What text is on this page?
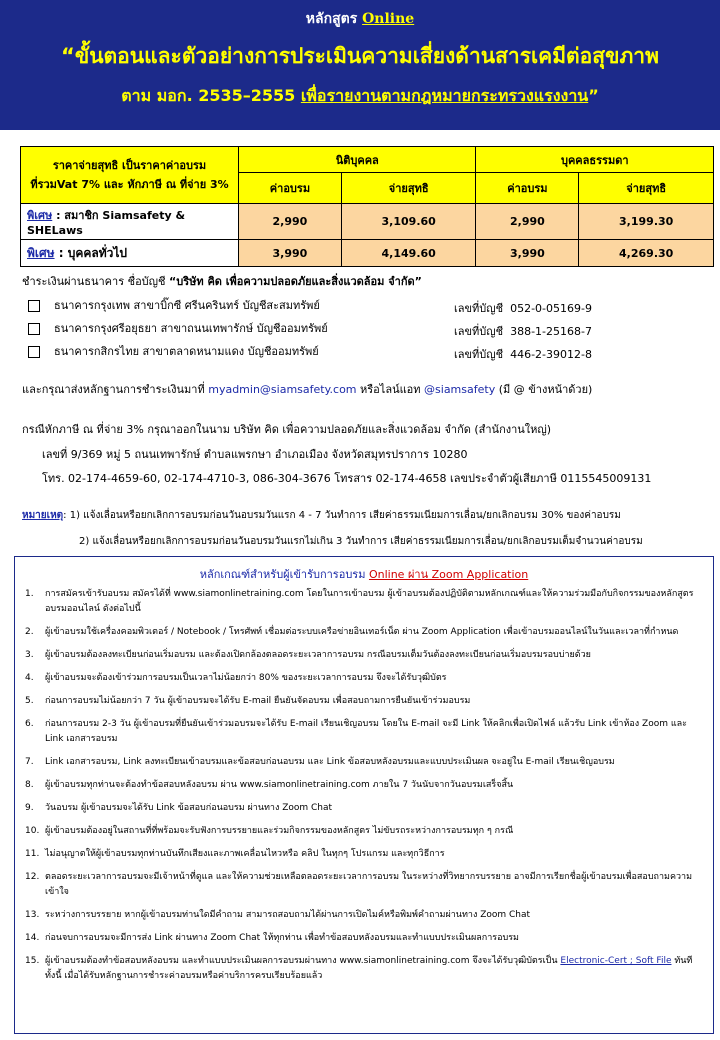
หลักสูตร Online
“ขั้นตอนและตัวอย่างการประเมินความเสี่ยงด้านสารเคมีต่อสุขภาพ
ตาม มอก. 2535–2555 เพื่อรายงานตามกฎหมายกระทรวงแรงงาน”
ราคาจ่ายสุทธิ เป็นราคาค่าอบรม
ที่รวมVat 7% และ หักภาษี ณ ที่จ่าย 3%	นิติบุคคล		บุคคลธรรมดา	
	ค่าอบรม	จ่ายสุทธิ	ค่าอบรม	จ่ายสุทธิ
พิเศษ : สมาชิก Siamsafety & SHELaws	2,990	3,109.60	2,990	3,199.30
พิเศษ : บุคคลทั่วไป	3,990	4,149.60	3,990	4,269.30
ชำระเงินผ่านธนาคาร ชื่อบัญชี “บริษัท คิด เพื่อความปลอดภัยและสิ่งแวดล้อม จำกัด”
ธนาคารกรุงเทพ สาขาบิ๊กซี ศรีนครินทร์ บัญชีสะสมทรัพย์	เลขที่บัญชี 052-0-05169-9
ธนาคารกรุงศรีอยุธยา สาขาถนนเทพารักษ์ บัญชีออมทรัพย์	เลขที่บัญชี 388-1-25168-7
ธนาคารกสิกรไทย สาขาตลาดหนามแดง บัญชีออมทรัพย์	เลขที่บัญชี 446-2-39012-8
และกรุณาส่งหลักฐานการชำระเงินมาที่ myadmin@siamsafety.com หรือไลน์แอท @siamsafety (มี @ ข้างหน้าด้วย)
กรณีหักภาษี ณ ที่จ่าย 3% กรุณาออกในนาม บริษัท คิด เพื่อความปลอดภัยและสิ่งแวดล้อม จำกัด (สำนักงานใหญ่)
เลขที่ 9/369 หมู่ 5 ถนนเทพารักษ์ ตำบลแพรกษา อำเภอเมือง จังหวัดสมุทรปราการ 10280
โทร. 02-174-4659-60, 02-174-4710-3, 086-304-3676 โทรสาร 02-174-4658 เลขประจำตัวผู้เสียภาษี 0115545009131
หมายเหตุ: 1) แจ้งเลื่อนหรือยกเลิกการอบรมก่อนวันอบรมวันแรก 4 - 7 วันทำการ เสียค่าธรรมเนียมการเลื่อน/ยกเลิกอบรม 30% ของค่าอบรม
2) แจ้งเลื่อนหรือยกเลิกการอบรมก่อนวันอบรมวันแรกไม่เกิน 3 วันทำการ เสียค่าธรรมเนียมการเลื่อน/ยกเลิกอบรมเต็มจำนวนค่าอบรม
หลักเกณฑ์สำหรับผู้เข้ารับการอบรม Online ผ่าน Zoom Application
1. การสมัครเข้ารับอบรม สมัครได้ที่ www.siamonlinetraining.com โดยในการเข้าอบรม ผู้เข้าอบรมต้องปฏิบัติตามหลักเกณฑ์และให้ความร่วมมือกับกิจกรรมของหลักสูตรอบรมออนไลน์ ดังต่อไปนี้
2. ผู้เข้าอบรมใช้เครื่องคอมพิวเตอร์ / Notebook / โทรศัพท์ เชื่อมต่อระบบเครือข่ายอินเทอร์เน็ต ผ่าน Zoom Application เพื่อเข้าอบรมออนไลน์ในวันและเวลาที่กำหนด
3. ผู้เข้าอบรมต้องลงทะเบียนก่อนเริ่มอบรม และต้องเปิดกล้องตลอดระยะเวลาการอบรม กรณีอบรมเต็มวันต้องลงทะเบียนก่อนเริ่มอบรมรอบบ่ายด้วย
4. ผู้เข้าอบรมจะต้องเข้าร่วมการอบรมเป็นเวลาไม่น้อยกว่า 80% ของระยะเวลาการอบรม จึงจะได้รับวุฒิบัตร
5. ก่อนการอบรมไม่น้อยกว่า 7 วัน ผู้เข้าอบรมจะได้รับ E-mail ยืนยันจัดอบรม เพื่อสอบถามการยืนยันเข้าร่วมอบรม
6. ก่อนการอบรม 2-3 วัน ผู้เข้าอบรมที่ยืนยันเข้าร่วมอบรมจะได้รับ E-mail เรียนเชิญอบรม โดยใน E-mail จะมี Link ให้คลิกเพื่อเปิดไฟล์ แล้วรับ Link เข้าห้อง Zoom และ Link เอกสารอบรม
7. Link เอกสารอบรม, Link ลงทะเบียนเข้าอบรมและข้อสอบก่อนอบรม และ Link ข้อสอบหลังอบรมและแบบประเมินผล จะอยู่ใน E-mail เรียนเชิญอบรม
8. ผู้เข้าอบรมทุกท่านจะต้องทำข้อสอบหลังอบรม ผ่าน www.siamonlinetraining.com ภายใน 7 วันนับจากวันอบรมเสร็จสิ้น
9. วันอบรม ผู้เข้าอบรมจะได้รับ Link ข้อสอบก่อนอบรม ผ่านทาง Zoom Chat
10. ผู้เข้าอบรมต้องอยู่ในสถานที่ที่พร้อมจะรับฟังการบรรยายและร่วมกิจกรรมของหลักสูตร ไม่ขับรถระหว่างการอบรมทุก ๆ กรณี
11. ไม่อนุญาตให้ผู้เข้าอบรมทุกท่านบันทึกเสียงและภาพเคลื่อนไหวหรือ คลิป ในทุกๆ โปรแกรม และทุกวิธีการ
12. ตลอดระยะเวลาการอบรมจะมีเจ้าหน้าที่ดูแล และให้ความช่วยเหลือตลอดระยะเวลาการอบรม ในระหว่างที่วิทยากรบรรยาย อาจมีการเรียกชื่อผู้เข้าอบรมเพื่อสอบถามความเข้าใจ
13. ระหว่างการบรรยาย หากผู้เข้าอบรมท่านใดมีคำถาม สามารถสอบถามได้ผ่านการเปิดไมค์หรือพิมพ์คำถามผ่านทาง Zoom Chat
14. ก่อนจบการอบรมจะมีการส่ง Link ผ่านทาง Zoom Chat ให้ทุกท่าน เพื่อทำข้อสอบหลังอบรมและทำแบบประเมินผลการอบรม
15. ผู้เข้าอบรมต้องทำข้อสอบหลังอบรม และทำแบบประเมินผลการอบรมผ่านทาง www.siamonlinetraining.com จึงจะได้รับวุฒิบัตรเป็น Electronic-Cert ; Soft File ทันที ทั้งนี้ เมื่อได้รับหลักฐานการชำระค่าอบรมหรือค่าบริการครบเรียบร้อยแล้ว
